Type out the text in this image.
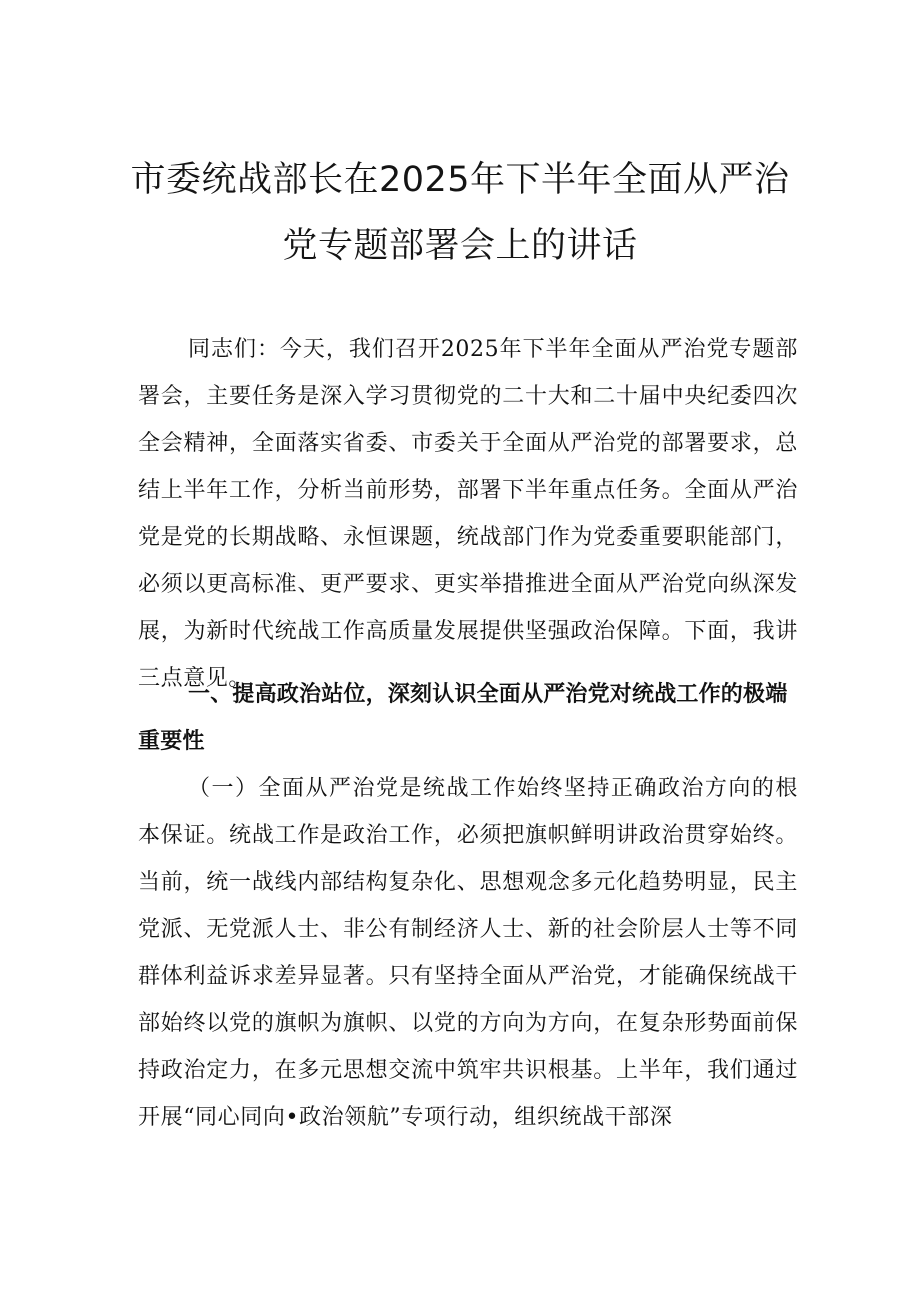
市委统战部长在2025年下半年全面从严治
党专题部署会上的讲话

同志们：今天，我们召开2025年下半年全面从严治党专题部署会，主要任务是深入学习贯彻党的二十大和二十届中央纪委四次全会精神，全面落实省委、市委关于全面从严治党的部署要求，总结上半年工作，分析当前形势，部署下半年重点任务。全面从严治党是党的长期战略、永恒课题，统战部门作为党委重要职能部门，必须以更高标准、更严要求、更实举措推进全面从严治党向纵深发展，为新时代统战工作高质量发展提供坚强政治保障。下面，我讲三点意见。

一、提高政治站位，深刻认识全面从严治党对统战工作的极端重要性

（一）全面从严治党是统战工作始终坚持正确政治方向的根本保证。统战工作是政治工作，必须把旗帜鲜明讲政治贯穿始终。当前，统一战线内部结构复杂化、思想观念多元化趋势明显，民主党派、无党派人士、非公有制经济人士、新的社会阶层人士等不同群体利益诉求差异显著。只有坚持全面从严治党，才能确保统战干部始终以党的旗帜为旗帜、以党的方向为方向，在复杂形势面前保持政治定力，在多元思想交流中筑牢共识根基。上半年，我们通过开展“同心同向•政治领航”专项行动，组织统战干部深
